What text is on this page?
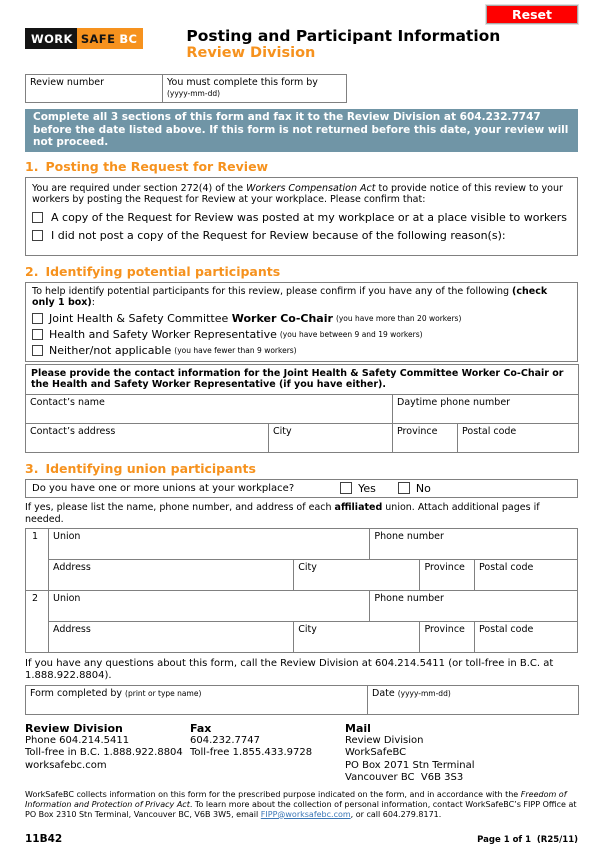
Reset
WORK SAFE BC	Posting and Participant Information
Review Division
Review number	You must complete this form by (yyyy-mm-dd)
Complete all 3 sections of this form and fax it to the Review Division at 604.232.7747 before the date listed above. If this form is not returned before this date, your review will not proceed.
1. Posting the Request for Review
You are required under section 272(4) of the Workers Compensation Act to provide notice of this review to your workers by posting the Request for Review at your workplace. Please confirm that:
A copy of the Request for Review was posted at my workplace or at a place visible to workers
I did not post a copy of the Request for Review because of the following reason(s):
2. Identifying potential participants
To help identify potential participants for this review, please confirm if you have any of the following (check only 1 box):
Joint Health & Safety Committee Worker Co-Chair (you have more than 20 workers)
Health and Safety Worker Representative (you have between 9 and 19 workers)
Neither/not applicable (you have fewer than 9 workers)
Please provide the contact information for the Joint Health & Safety Committee Worker Co-Chair or the Health and Safety Worker Representative (if you have either).			
Contact’s name		Daytime phone number	
Contact’s address	City	Province	Postal code
3. Identifying union participants
Do you have one or more unions at your workplace?	Yes	No
If yes, please list the name, phone number, and address of each affiliated union. Attach additional pages if needed.
1	Union	Phone number
Address	City	Province	Postal code
2	Union	Phone number
Address	City	Province	Postal code
If you have any questions about this form, call the Review Division at 604.214.5411 (or toll-free in B.C. at 1.888.922.8804).
Form completed by (print or type name)	Date (yyyy-mm-dd)
Review Division
Phone 604.214.5411
Toll-free in B.C. 1.888.922.8804
worksafebc.com
Fax
604.232.7747
Toll-free 1.855.433.9728
Mail
Review Division
WorkSafeBC
PO Box 2071 Stn Terminal
Vancouver BC  V6B 3S3
WorkSafeBC collects information on this form for the prescribed purpose indicated on the form, and in accordance with the Freedom of Information and Protection of Privacy Act. To learn more about the collection of personal information, contact WorkSafeBC’s FIPP Office at PO Box 2310 Stn Terminal, Vancouver BC, V6B 3W5, email FIPP@worksafebc.com, or call 604.279.8171.
11B42	Page 1 of 1  (R25/11)
